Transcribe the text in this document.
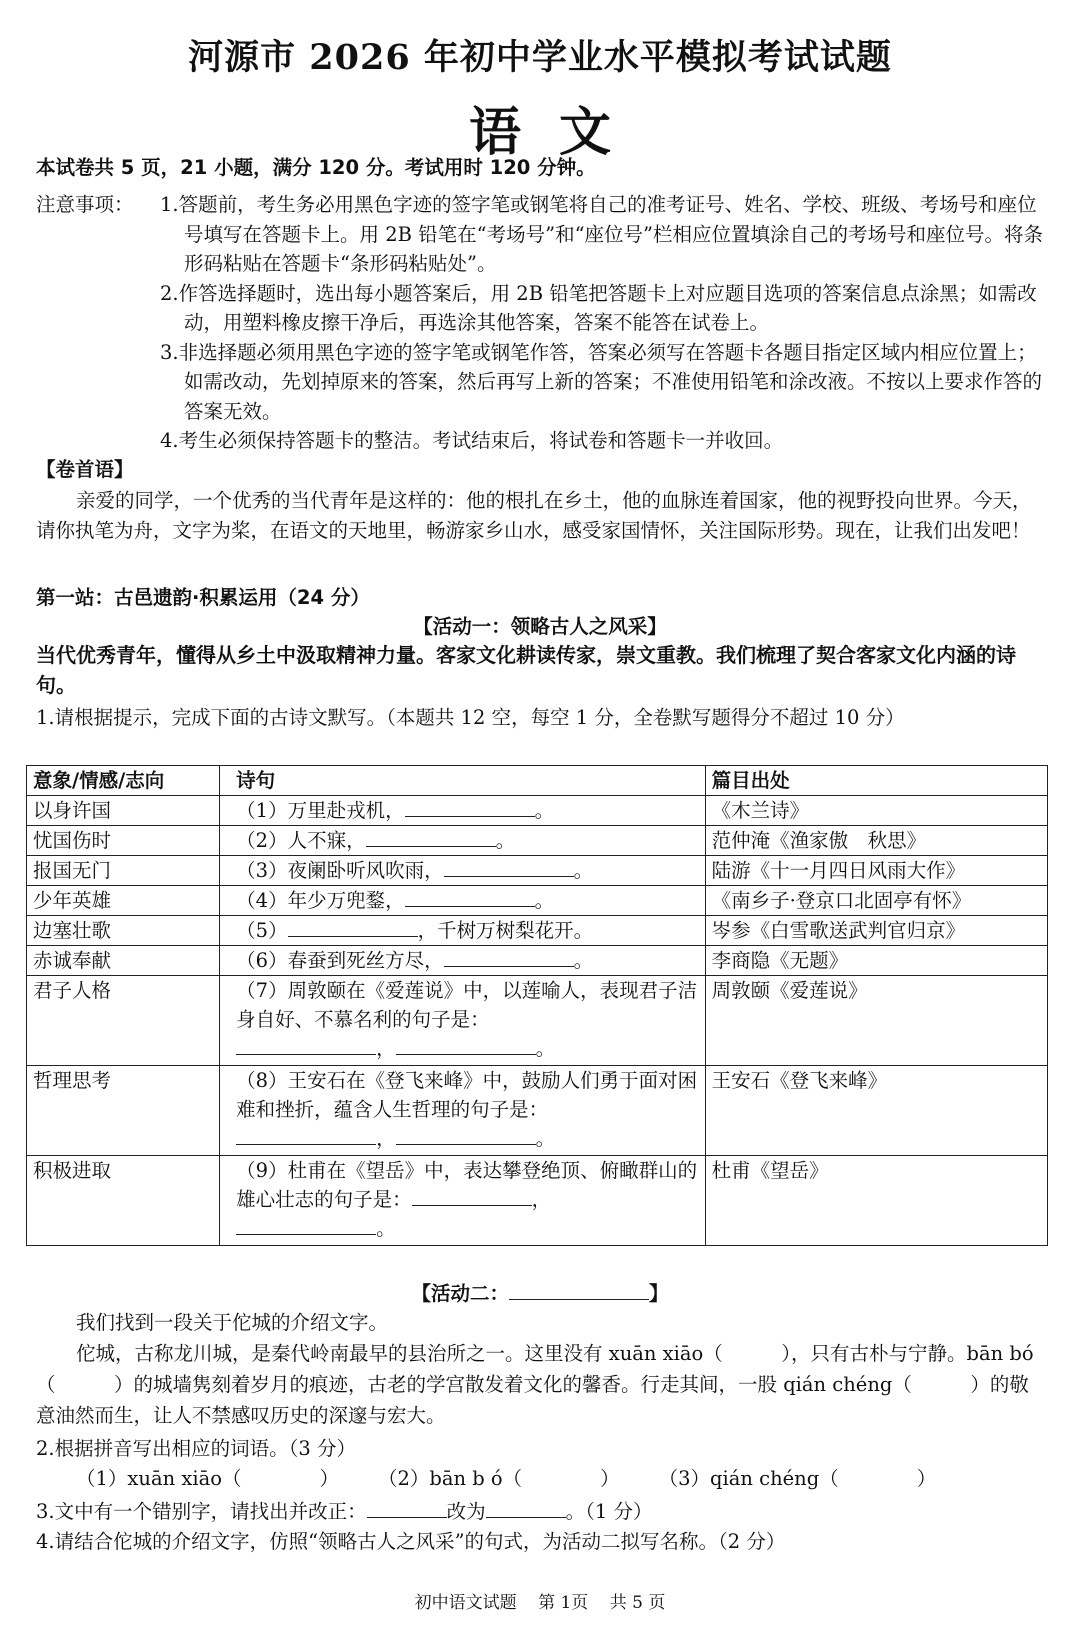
河源市 2026 年初中学业水平模拟考试试题
语文
本试卷共 5 页，21 小题，满分 120 分。考试用时 120 分钟。
注意事项：	1.答题前，考生务必用黑色字迹的签字笔或钢笔将自己的准考证号、姓名、学校、班级、考场号和座位号填写在答题卡上。用 2B 铅笔在“考场号”和“座位号”栏相应位置填涂自己的考场号和座位号。将条形码粘贴在答题卡“条形码粘贴处”。
2.作答选择题时，选出每小题答案后，用 2B 铅笔把答题卡上对应题目选项的答案信息点涂黑；如需改动，用塑料橡皮擦干净后，再选涂其他答案，答案不能答在试卷上。
3.非选择题必须用黑色字迹的签字笔或钢笔作答，答案必须写在答题卡各题目指定区域内相应位置上；如需改动，先划掉原来的答案，然后再写上新的答案；不准使用铅笔和涂改液。不按以上要求作答的答案无效。
4.考生必须保持答题卡的整洁。考试结束后，将试卷和答题卡一并收回。
【卷首语】
亲爱的同学，一个优秀的当代青年是这样的：他的根扎在乡土，他的血脉连着国家，他的视野投向世界。今天，请你执笔为舟，文字为桨，在语文的天地里，畅游家乡山水，感受家国情怀，关注国际形势。现在，让我们出发吧！
第一站：古邑遗韵·积累运用（24 分）
【活动一：领略古人之风采】
当代优秀青年，懂得从乡土中汲取精神力量。客家文化耕读传家，崇文重教。我们梳理了契合客家文化内涵的诗句。
1.请根据提示，完成下面的古诗文默写。（本题共 12 空，每空 1 分，全卷默写题得分不超过 10 分）
意象/情感/志向	诗句	篇目出处
以身许国	（1）万里赴戎机， 。	《木兰诗》
忧国伤时	（2）人不寐， 。	范仲淹《渔家傲　秋思》
报国无门	（3）夜阑卧听风吹雨， 。	陆游《十一月四日风雨大作》
少年英雄	（4）年少万兜鍪， 。	《南乡子·登京口北固亭有怀》
边塞壮歌	（5） ，千树万树梨花开。	岑参《白雪歌送武判官归京》
赤诚奉献	（6）春蚕到死丝方尽， 。	李商隐《无题》
君子人格	（7）周敦颐在《爱莲说》中，以莲喻人，表现君子洁身自好、不慕名利的句子是：
， 。	周敦颐《爱莲说》
哲理思考	（8）王安石在《登飞来峰》中，鼓励人们勇于面对困难和挫折，蕴含人生哲理的句子是：
， 。	王安石《登飞来峰》
积极进取	（9）杜甫在《望岳》中，表达攀登绝顶、俯瞰群山的雄心壮志的句子是： ，
。	杜甫《望岳》
【活动二：	】
我们找到一段关于佗城的介绍文字。
佗城，古称龙川城，是秦代岭南最早的县治所之一。这里没有 xuān xiāo（　　　），只有古朴与宁静。bān bó（　　　）的城墙隽刻着岁月的痕迹，古老的学宫散发着文化的馨香。行走其间，一股 qián chéng（　　　）的敬意油然而生，让人不禁感叹历史的深邃与宏大。
2.根据拼音写出相应的词语。（3 分）
（1）xuān xiāo（　　　　）　　　（2）bān b ó（　　　　）　　　（3）qián chéng（　　　　）
3.文中有一个错别字，请找出并改正：	改为	。（1 分）
4.请结合佗城的介绍文字，仿照“领略古人之风采”的句式，为活动二拟写名称。（2 分）
初中语文试题 第 1页 共 5 页
